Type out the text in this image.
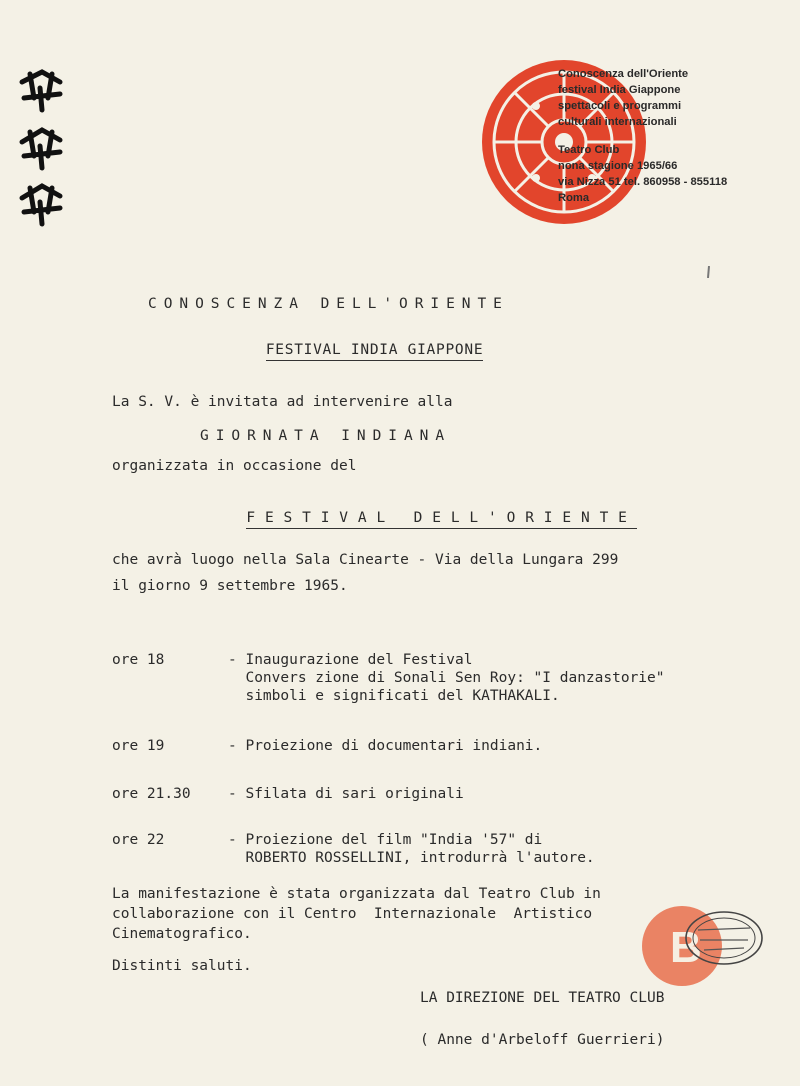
Conoscenza dell'Oriente
festival India Giappone
spettacoli e programmi
culturali internazionali
Teatro Club
nona stagione 1965/66
via Nizza 51 tel. 860958 - 855118
Roma
CONOSCENZA DELL'ORIENTE

FESTIVAL INDIA GIAPPONE

La S. V. è invitata ad intervenire alla
GIORNATA INDIANA
organizzata in occasione del

FESTIVAL DELL'ORIENTE

che avrà luogo nella Sala Cinearte - Via della Lungara 299
il giorno 9 settembre 1965.
ore 18	- Inaugurazione del Festival
Convers zione di Sonali Sen Roy: "I danzastorie"
simboli e significati del KATHAKALI.
ore 19	- Proiezione di documentari indiani.
ore 21.30	- Sfilata di sari originali
ore 22	- Proiezione del film "India '57" di
ROBERTO ROSSELLINI, introdurrà l'autore.
La manifestazione è stata organizzata dal Teatro Club in
collaborazione con il Centro  Internazionale  Artistico
Cinematografico.
Distinti saluti.
LA DIREZIONE DEL TEATRO CLUB
( Anne d'Arbeloff Guerrieri)
B
